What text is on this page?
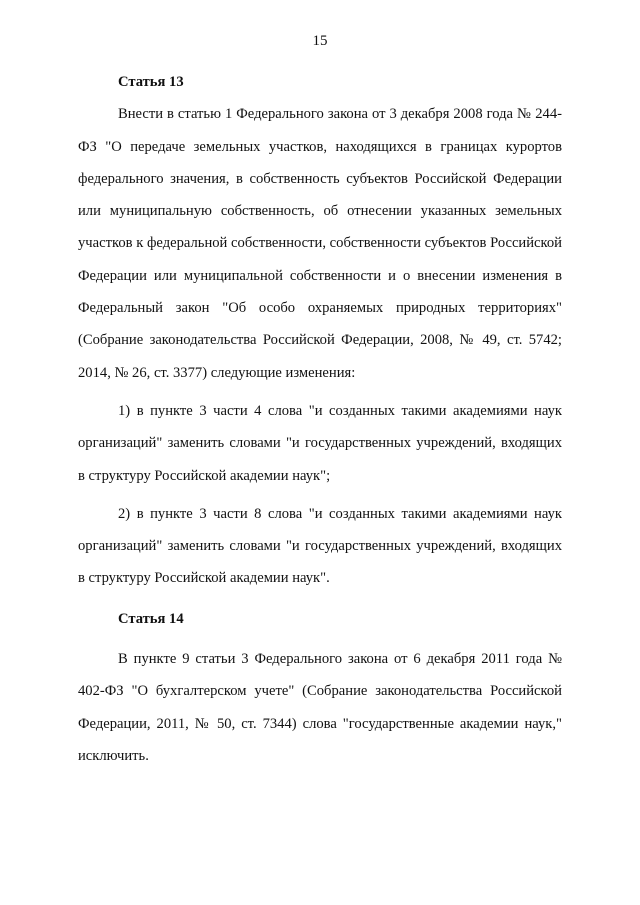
15

Статья 13

Внести в статью 1 Федерального закона от 3 декабря 2008 года № 244-ФЗ "О передаче земельных участков, находящихся в границах курортов федерального значения, в собственность субъектов Российской Федерации или муниципальную собственность, об отнесении указанных земельных участков к федеральной собственности, собственности субъектов Российской Федерации или муниципальной собственности и о внесении изменения в Федеральный закон "Об особо охраняемых природных территориях" (Собрание законодательства Российской Федерации, 2008, № 49, ст. 5742; 2014, № 26, ст. 3377) следующие изменения:

1) в пункте 3 части 4 слова "и созданных такими академиями наук организаций" заменить словами "и государственных учреждений, входящих в структуру Российской академии наук";

2) в пункте 3 части 8 слова "и созданных такими академиями наук организаций" заменить словами "и государственных учреждений, входящих в структуру Российской академии наук".

Статья 14

В пункте 9 статьи 3 Федерального закона от 6 декабря 2011 года № 402-ФЗ "О бухгалтерском учете" (Собрание законодательства Российской Федерации, 2011, № 50, ст. 7344) слова "государственные академии наук," исключить.
